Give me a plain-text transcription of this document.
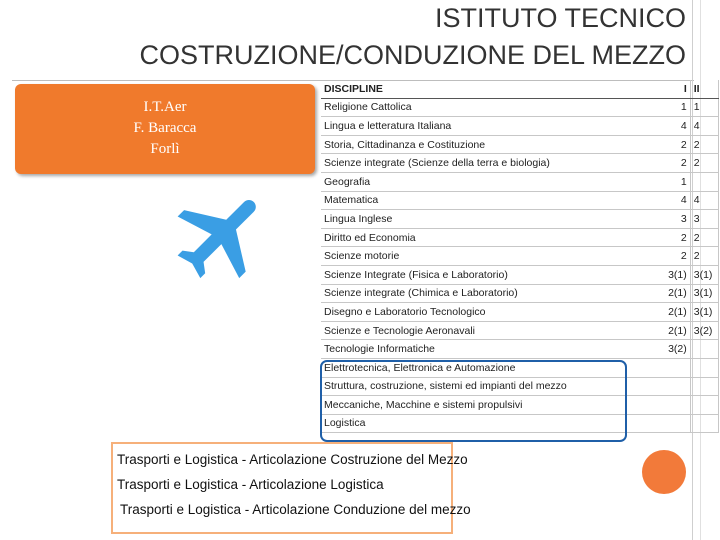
ISTITUTO TECNICO
COSTRUZIONE/CONDUZIONE DEL MEZZO
I.T.Aer
F. Baracca
Forlì
DISCIPLINE	I	II
Religione Cattolica	1	1
Lingua e letteratura Italiana	4	4
Storia, Cittadinanza e Costituzione	2	2
Scienze integrate (Scienze della terra e biologia)	2	2
Geografia	1	
Matematica	4	4
Lingua Inglese	3	3
Diritto ed Economia	2	2
Scienze motorie	2	2
Scienze Integrate (Fisica e Laboratorio)	3(1)	3(1)
Scienze integrate (Chimica e Laboratorio)	2(1)	3(1)
Disegno e Laboratorio Tecnologico	2(1)	3(1)
Scienze e Tecnologie Aeronavali	2(1)	3(2)
Tecnologie Informatiche	3(2)	
Elettrotecnica, Elettronica e Automazione		
Struttura, costruzione, sistemi ed impianti del mezzo		
Meccaniche, Macchine e sistemi propulsivi		
Logistica		
Trasporti e Logistica - Articolazione Costruzione del Mezzo
Trasporti e Logistica - Articolazione Logistica
Trasporti e Logistica - Articolazione Conduzione del mezzo
